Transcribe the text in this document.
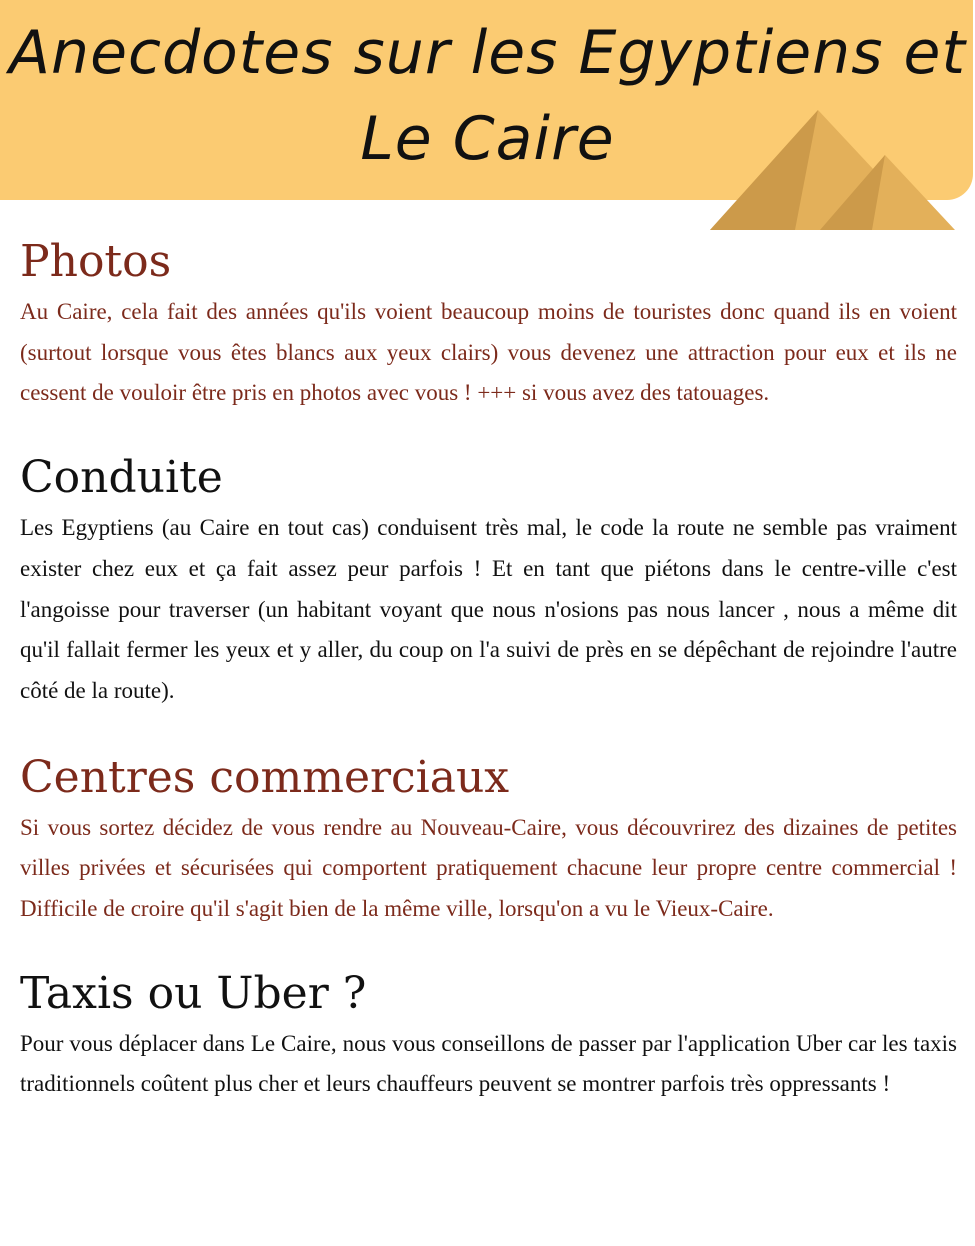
Anecdotes sur les Egyptiens et Le Caire
Photos

Au Caire, cela fait des années qu'ils voient beaucoup moins de touristes donc quand ils en voient (surtout lorsque vous êtes blancs aux yeux clairs) vous devenez une attraction pour eux et ils ne cessent de vouloir être pris en photos avec vous ! +++ si vous avez des tatouages.

Conduite

Les Egyptiens (au Caire en tout cas) conduisent très mal, le code la route ne semble pas vraiment exister chez eux et ça fait assez peur parfois ! Et en tant que piétons dans le centre-ville c'est l'angoisse pour traverser (un habitant voyant que nous n'osions pas nous lancer , nous a même dit qu'il fallait fermer les yeux et y aller, du coup on l'a suivi de près en se dépêchant de rejoindre l'autre côté de la route).

Centres commerciaux

Si vous sortez décidez de vous rendre au Nouveau-Caire, vous découvrirez des dizaines de petites villes privées et sécurisées qui comportent pratiquement chacune leur propre centre commercial ! Difficile de croire qu'il s'agit bien de la même ville, lorsqu'on a vu le Vieux-Caire.

Taxis ou Uber ?

Pour vous déplacer dans Le Caire, nous vous conseillons de passer par l'application Uber car les taxis traditionnels coûtent plus cher et leurs chauffeurs peuvent se montrer parfois très oppressants !
